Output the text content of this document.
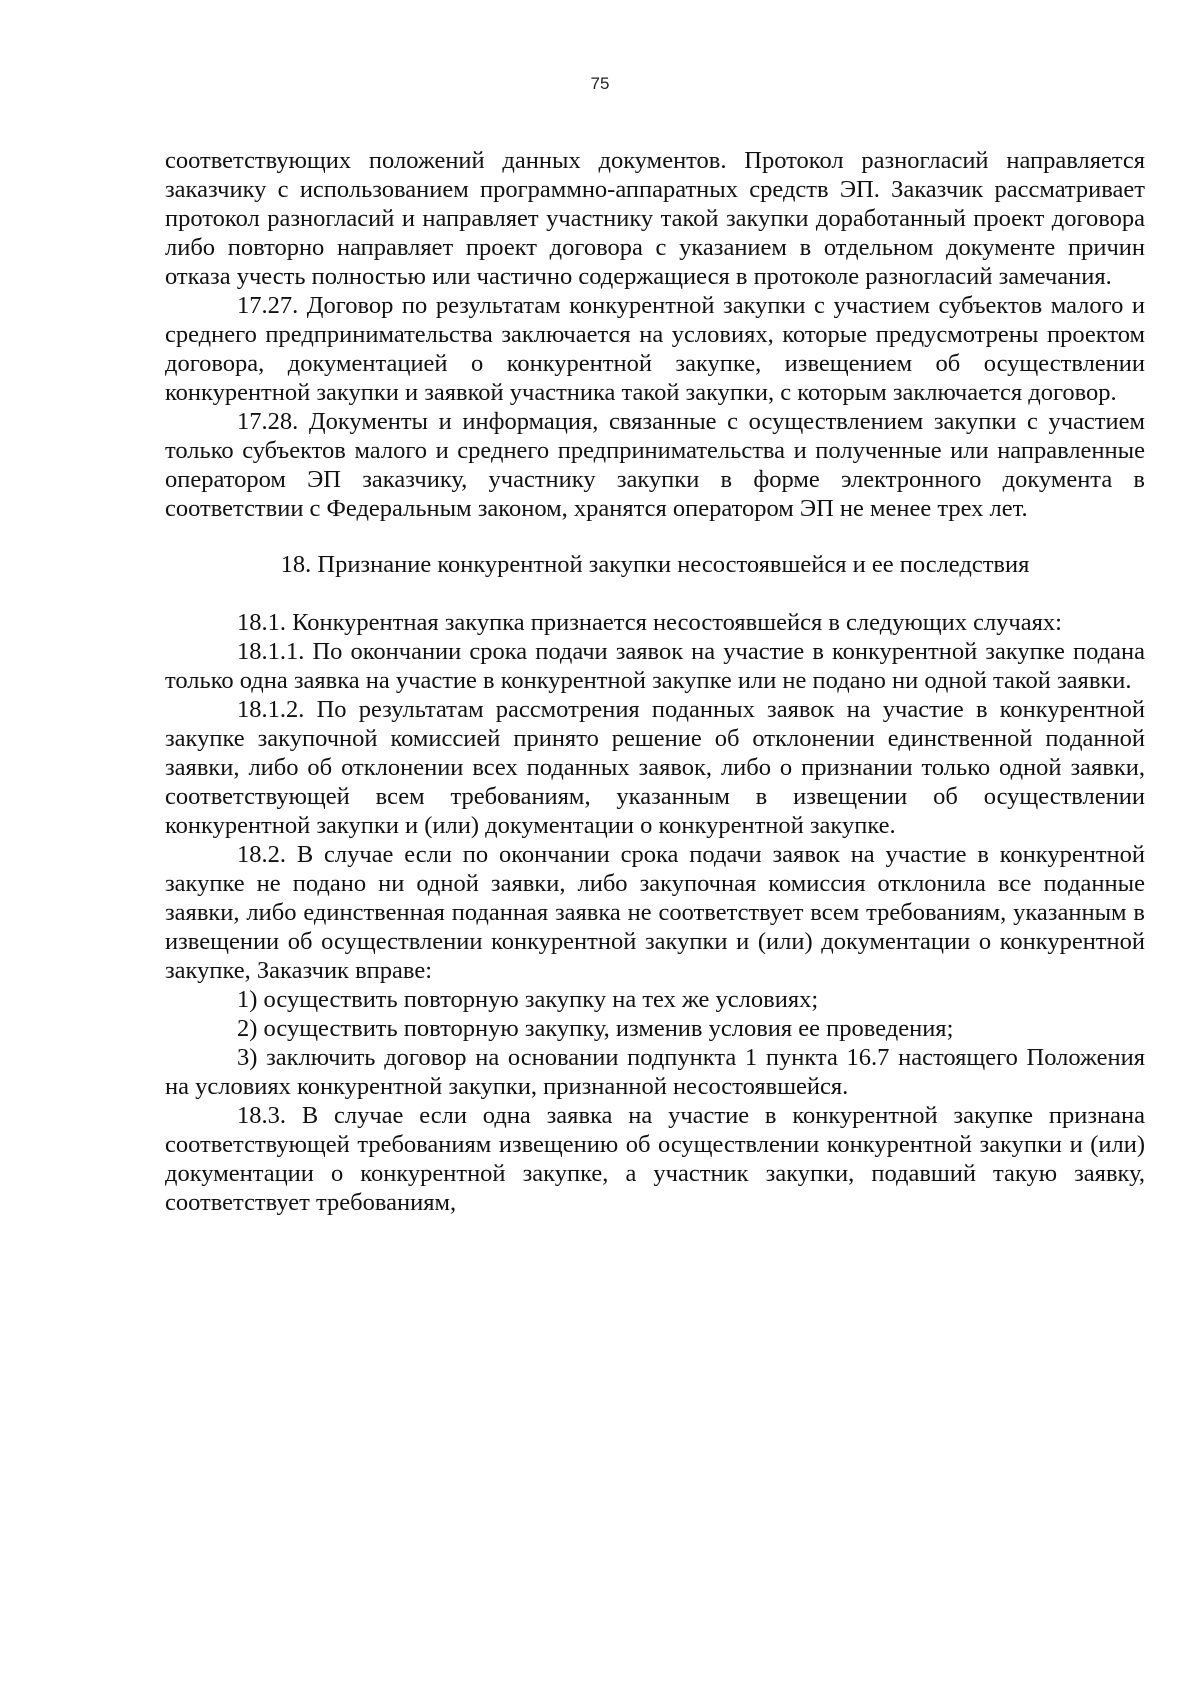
75

соответствующих положений данных документов. Протокол разногласий направляется заказчику с использованием программно-аппаратных средств ЭП. Заказчик рассматривает протокол разногласий и направляет участнику такой закупки доработанный проект договора либо повторно направляет проект договора с указанием в отдельном документе причин отказа учесть полностью или частично содержащиеся в протоколе разногласий замечания.

17.27. Договор по результатам конкурентной закупки с участием субъектов малого и среднего предпринимательства заключается на условиях, которые предусмотрены проектом договора, документацией о конкурентной закупке, извещением об осуществлении конкурентной закупки и заявкой участника такой закупки, с которым заключается договор.

17.28. Документы и информация, связанные с осуществлением закупки с участием только субъектов малого и среднего предпринимательства и полученные или направленные оператором ЭП заказчику, участнику закупки в форме электронного документа в соответствии с Федеральным законом, хранятся оператором ЭП не менее трех лет.

18. Признание конкурентной закупки несостоявшейся и ее последствия

18.1. Конкурентная закупка признается несостоявшейся в следующих случаях:

18.1.1. По окончании срока подачи заявок на участие в конкурентной закупке подана только одна заявка на участие в конкурентной закупке или не подано ни одной такой заявки.

18.1.2. По результатам рассмотрения поданных заявок на участие в конкурентной закупке закупочной комиссией принято решение об отклонении единственной поданной заявки, либо об отклонении всех поданных заявок, либо о признании только одной заявки, соответствующей всем требованиям, указанным в извещении об осуществлении конкурентной закупки и (или) документации о конкурентной закупке.

18.2. В случае если по окончании срока подачи заявок на участие в конкурентной закупке не подано ни одной заявки, либо закупочная комиссия отклонила все поданные заявки, либо единственная поданная заявка не соответствует всем требованиям, указанным в извещении об осуществлении конкурентной закупки и (или) документации о конкурентной закупке, Заказчик вправе:

1) осуществить повторную закупку на тех же условиях;

2) осуществить повторную закупку, изменив условия ее проведения;

3) заключить договор на основании подпункта 1 пункта 16.7 настоящего Положения на условиях конкурентной закупки, признанной несостоявшейся.

18.3. В случае если одна заявка на участие в конкурентной закупке признана соответствующей требованиям извещению об осуществлении конкурентной закупки и (или) документации о конкурентной закупке, а участник закупки, подавший такую заявку, соответствует требованиям,
